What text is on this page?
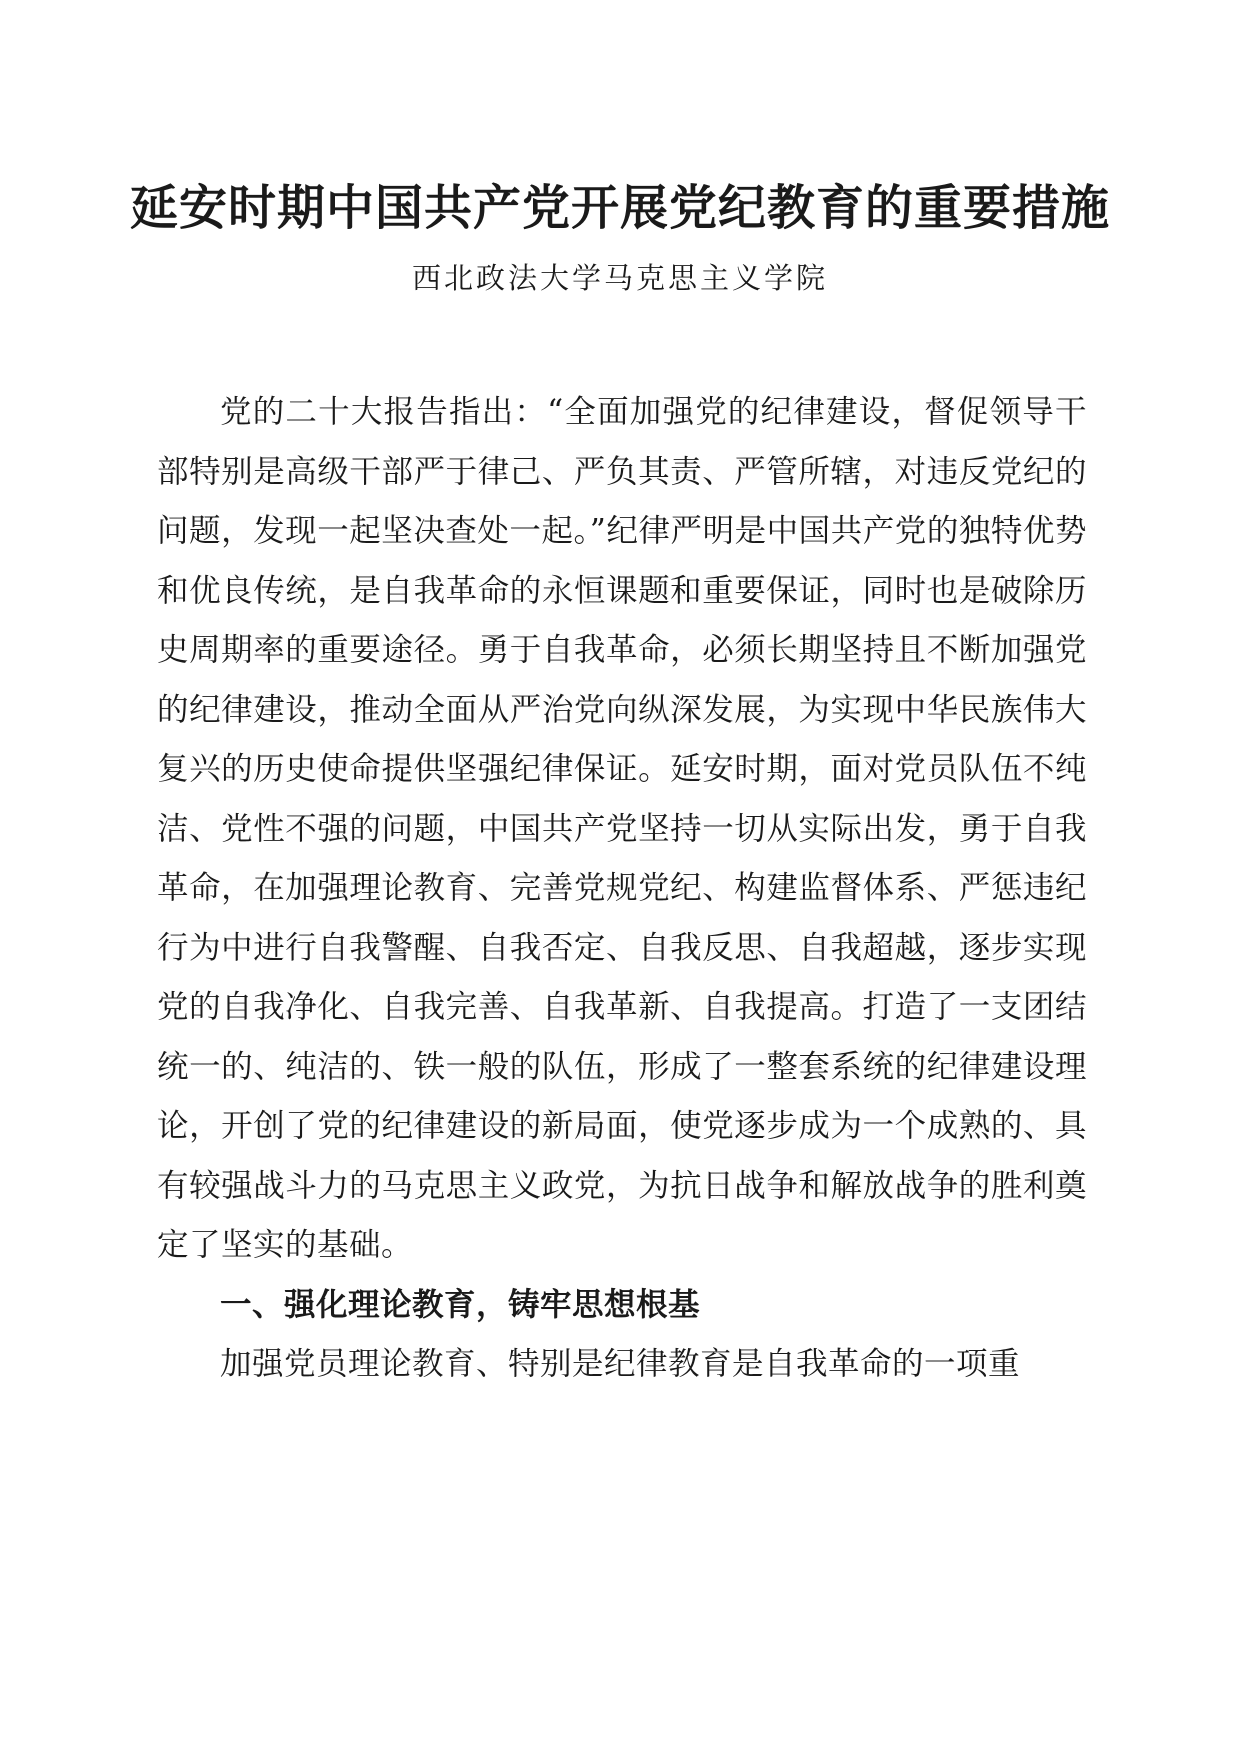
延安时期中国共产党开展党纪教育的重要措施

西北政法大学马克思主义学院

党的二十大报告指出：“全面加强党的纪律建设，督促领导干部特别是高级干部严于律己、严负其责、严管所辖，对违反党纪的问题，发现一起坚决查处一起。”纪律严明是中国共产党的独特优势和优良传统，是自我革命的永恒课题和重要保证，同时也是破除历史周期率的重要途径。勇于自我革命，必须长期坚持且不断加强党的纪律建设，推动全面从严治党向纵深发展，为实现中华民族伟大复兴的历史使命提供坚强纪律保证。延安时期，面对党员队伍不纯洁、党性不强的问题，中国共产党坚持一切从实际出发，勇于自我革命，在加强理论教育、完善党规党纪、构建监督体系、严惩违纪行为中进行自我警醒、自我否定、自我反思、自我超越，逐步实现党的自我净化、自我完善、自我革新、自我提高。打造了一支团结统一的、纯洁的、铁一般的队伍，形成了一整套系统的纪律建设理论，开创了党的纪律建设的新局面，使党逐步成为一个成熟的、具有较强战斗力的马克思主义政党，为抗日战争和解放战争的胜利奠定了坚实的基础。

一、强化理论教育，铸牢思想根基

加强党员理论教育、特别是纪律教育是自我革命的一项重
